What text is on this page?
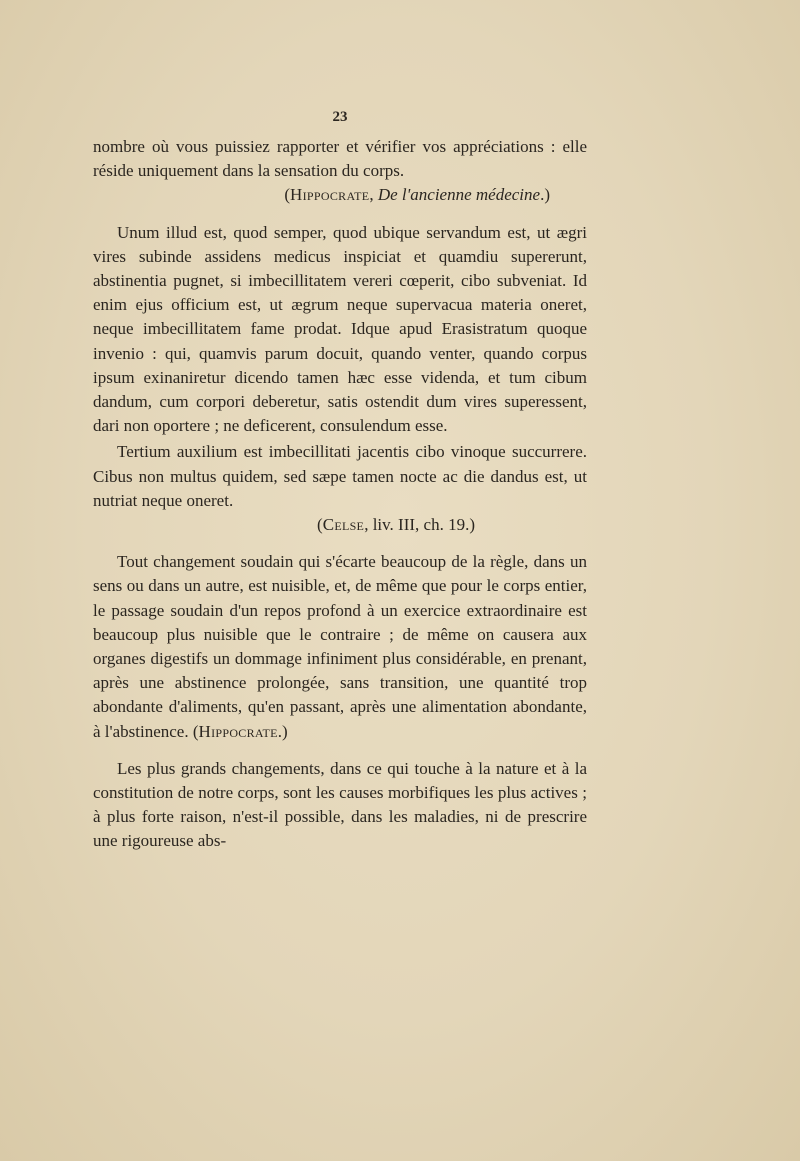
23

nombre où vous puissiez rapporter et vérifier vos appréciations : elle réside uniquement dans la sensation du corps.

(Hippocrate, De l'ancienne médecine.)

Unum illud est, quod semper, quod ubique servandum est, ut ægri vires subinde assidens medicus inspiciat et quamdiu supererunt, abstinentia pugnet, si imbecillitatem vereri cœperit, cibo subveniat. Id enim ejus officium est, ut ægrum neque supervacua materia oneret, neque imbecillitatem fame prodat. Idque apud Erasistratum quoque invenio : qui, quamvis parum docuit, quando venter, quando corpus ipsum exinaniretur dicendo tamen hæc esse videnda, et tum cibum dandum, cum corpori deberetur, satis ostendit dum vires superessent, dari non oportere ; ne deficerent, consulendum esse.

Tertium auxilium est imbecillitati jacentis cibo vinoque succurrere. Cibus non multus quidem, sed sæpe tamen nocte ac die dandus est, ut nutriat neque oneret.

(Celse, liv. III, ch. 19.)

Tout changement soudain qui s'écarte beaucoup de la règle, dans un sens ou dans un autre, est nuisible, et, de même que pour le corps entier, le passage soudain d'un repos profond à un exercice extraordinaire est beaucoup plus nuisible que le contraire ; de même on causera aux organes digestifs un dommage infiniment plus considérable, en prenant, après une abstinence prolongée, sans transition, une quantité trop abondante d'aliments, qu'en passant, après une alimentation abondante, à l'abstinence. (Hippocrate.)

Les plus grands changements, dans ce qui touche à la nature et à la constitution de notre corps, sont les causes morbifiques les plus actives ; à plus forte raison, n'est-il possible, dans les maladies, ni de prescrire une rigoureuse abs-
